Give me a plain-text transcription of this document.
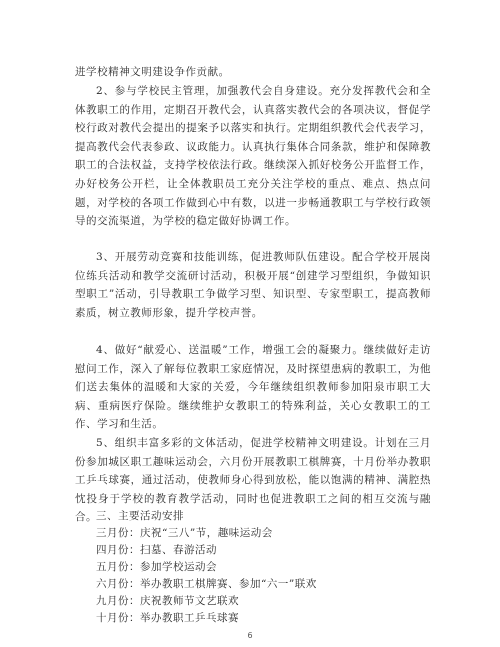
进学校精神文明建设争作贡献。

2、参与学校民主管理，加强教代会自身建设。充分发挥教代会和全体教职工的作用，定期召开教代会，认真落实教代会的各项决议，督促学校行政对教代会提出的提案予以落实和执行。定期组织教代会代表学习，提高教代会代表参政、议政能力。认真执行集体合同条款，维护和保障教职工的合法权益，支持学校依法行政。继续深入抓好校务公开监督工作，办好校务公开栏，让全体教职员工充分关注学校的重点、难点、热点问题，对学校的各项工作做到心中有数，以进一步畅通教职工与学校行政领导的交流渠道，为学校的稳定做好协调工作。

3、开展劳动竞赛和技能训练，促进教师队伍建设。配合学校开展岗位练兵活动和教学交流研讨活动，积极开展“创建学习型组织，争做知识型职工”活动，引导教职工争做学习型、知识型、专家型职工，提高教师素质，树立教师形象，提升学校声誉。

4、做好“献爱心、送温暖”工作，增强工会的凝聚力。继续做好走访慰问工作，深入了解每位教职工家庭情况，及时探望患病的教职工，为他们送去集体的温暖和大家的关爱，今年继续组织教师参加阳泉市职工大病、重病医疗保险。继续维护女教职工的特殊利益，关心女教职工的工作、学习和生活。

5、组织丰富多彩的文体活动，促进学校精神文明建设。计划在三月份参加城区职工趣味运动会，六月份开展教职工棋牌赛，十月份举办教职工乒乓球赛，通过活动，使教师身心得到放松，能以饱满的精神、满腔热忱投身于学校的教育教学活动，同时也促进教职工之间的相互交流与融合。

三、主要活动安排

三月份：庆祝“三八”节，趣味运动会

四月份：扫墓、春游活动

五月份：参加学校运动会

六月份：举办教职工棋牌赛、参加“六一”联欢

九月份：庆祝教师节文艺联欢

十月份：举办教职工乒乓球赛

6
